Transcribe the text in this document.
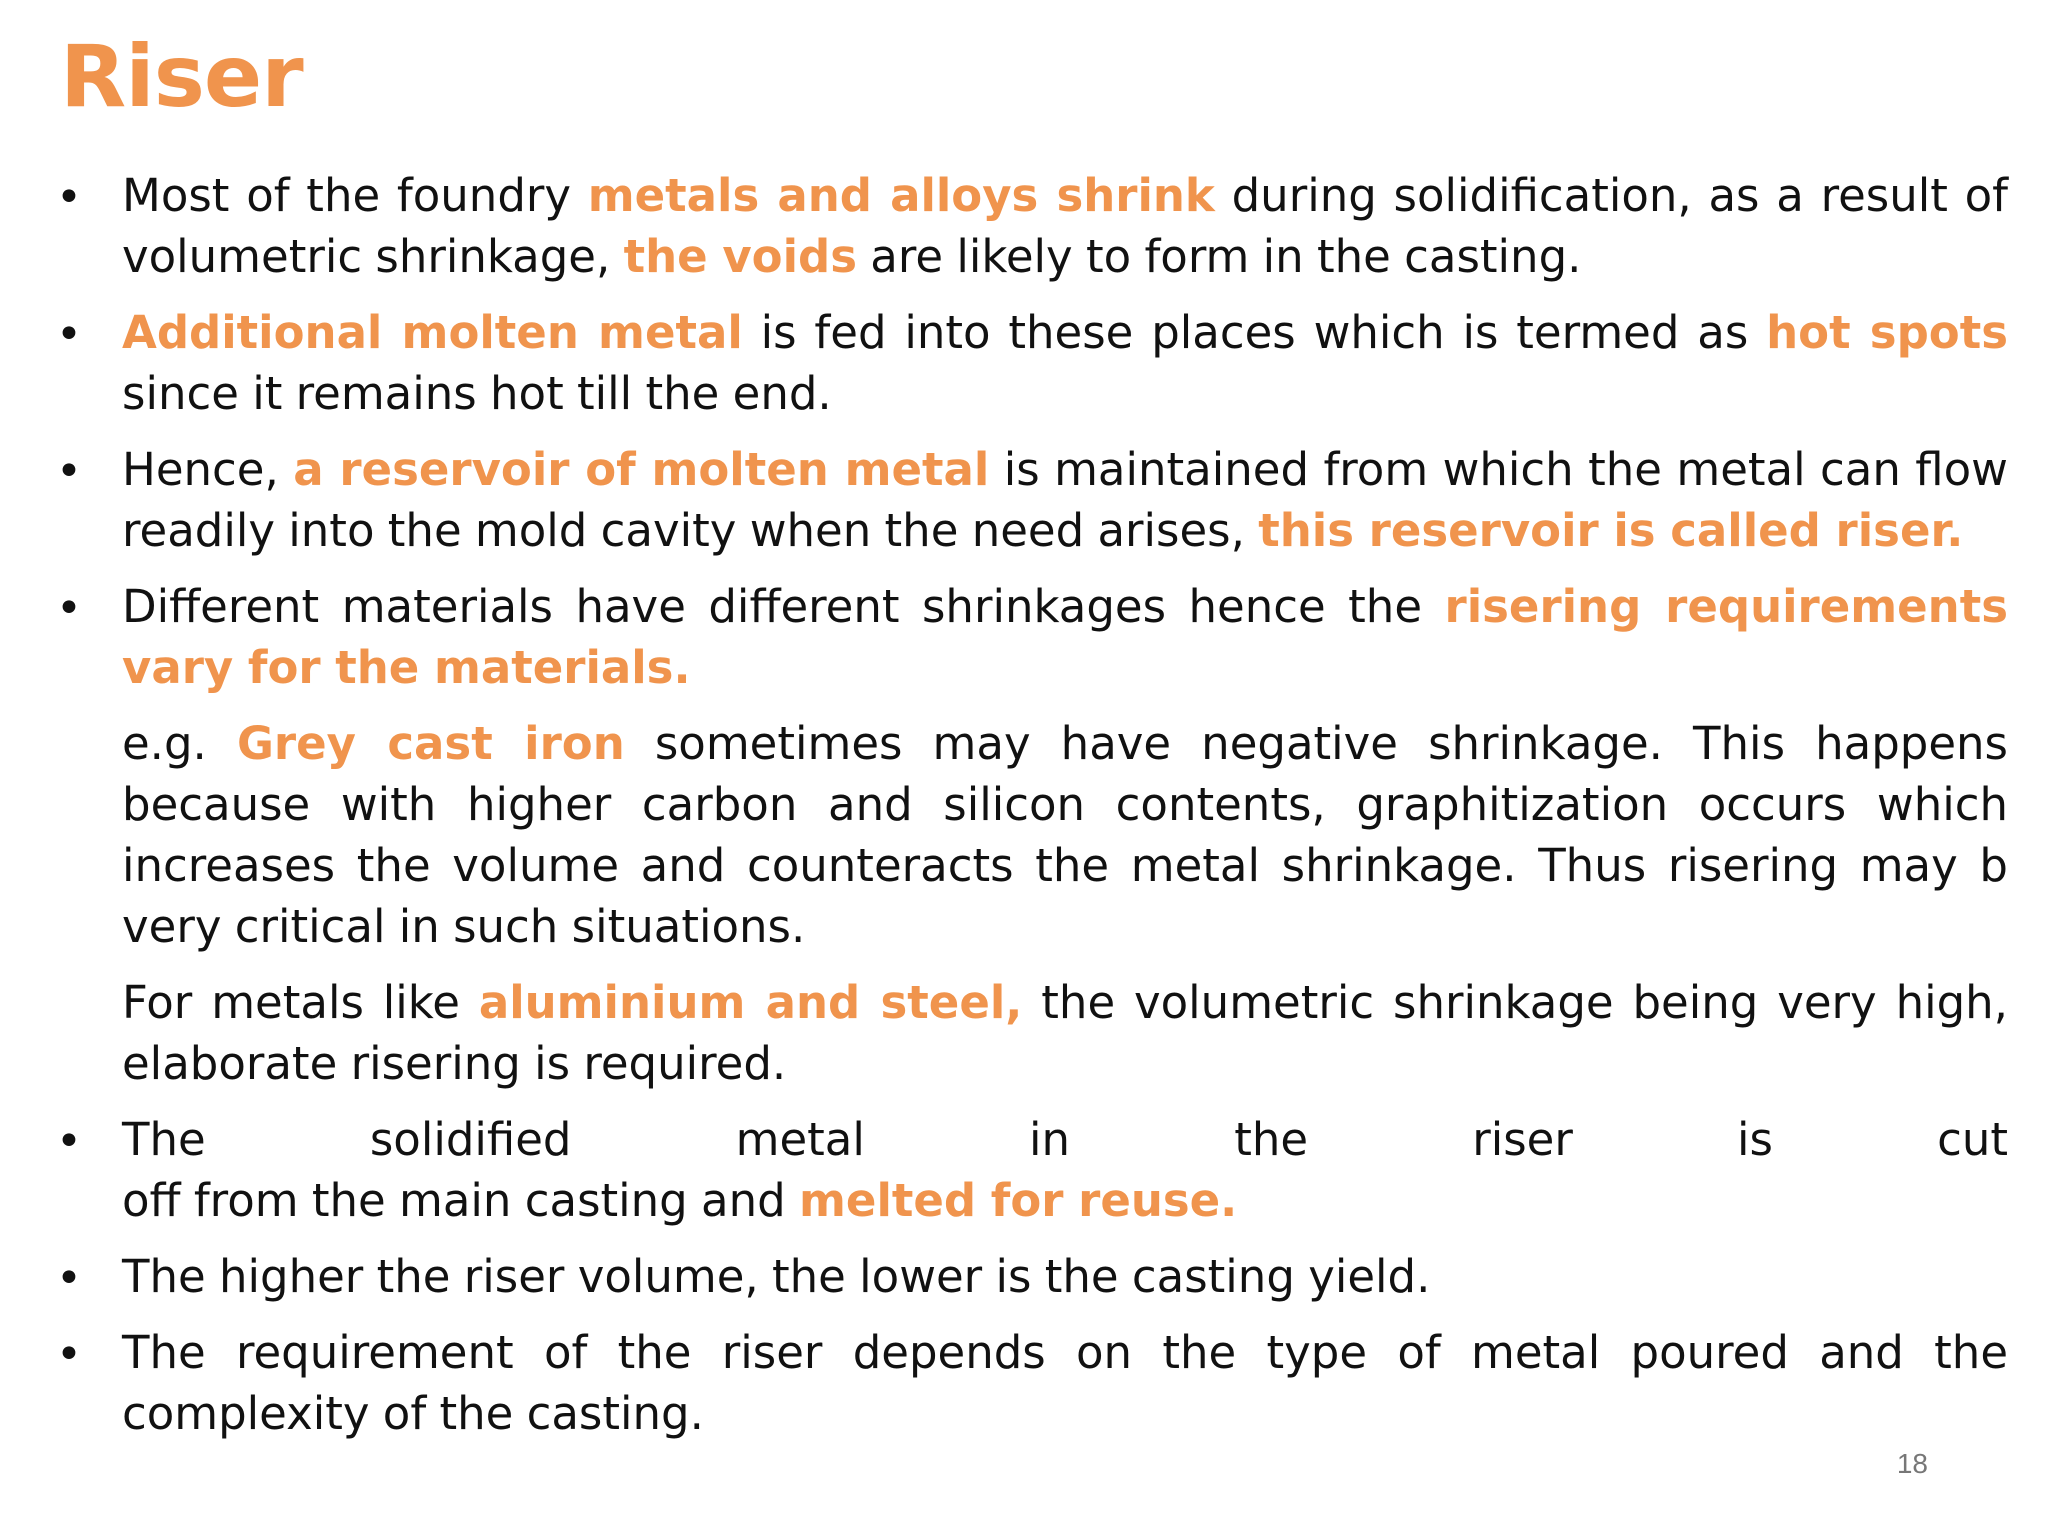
Riser
• Most of the foundry metals and alloys shrink during solidification, as a result of volumetric shrinkage, the voids are likely to form in the casting.
• Additional molten metal is fed into these places which is termed as hot spots since it remains hot till the end.
• Hence, a reservoir of molten metal is maintained from which the metal can flow readily into the mold cavity when the need arises, this reservoir is called riser.
• Different materials have different shrinkages hence the risering requirements vary for the materials.
e.g. Grey cast iron sometimes may have negative shrinkage. This happens because with higher carbon and silicon contents, graphitization occurs which increases the volume and counteracts the metal shrinkage. Thus risering may b very critical in such situations.
For metals like aluminium and steel, the volumetric shrinkage being very high, elaborate risering is required.
• The solidified metal in the riser is cut
off from the main casting and melted for reuse.
• The higher the riser volume, the lower is the casting yield.
• The requirement of the riser depends on the type of metal poured and the complexity of the casting.
18
